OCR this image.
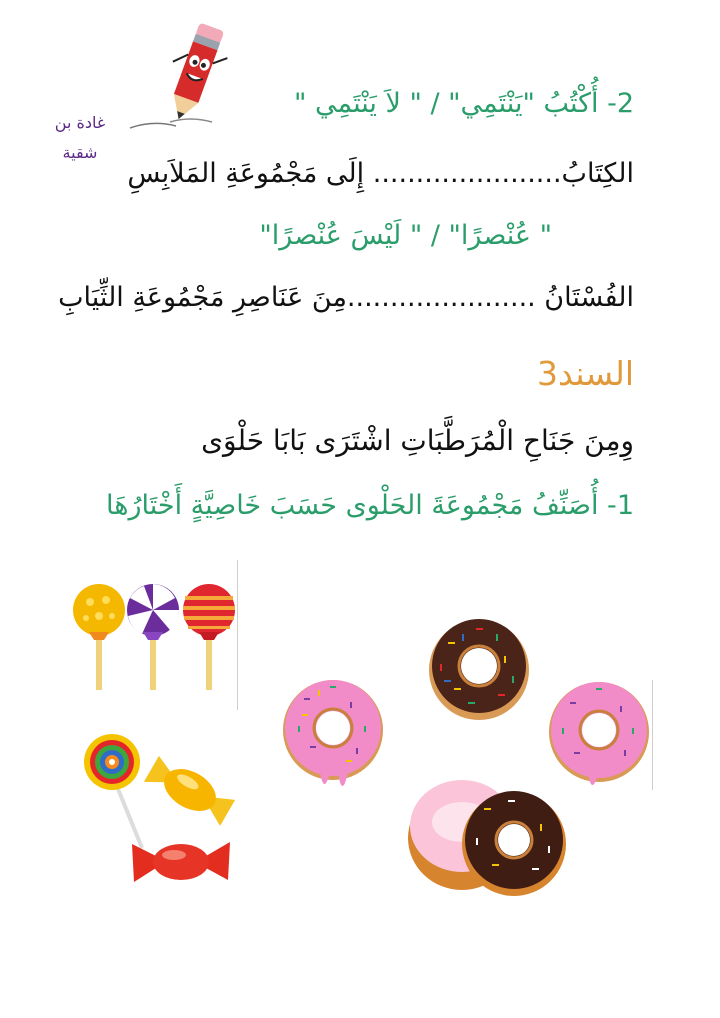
غادة بن
شقية
2- أُكْتُبُ "يَنْتَمِي" / " لاَ يَنْتَمِي "
الكِتَابُ...................... إِلَى مَجْمُوعَةِ المَلاَبِسِ
" عُنْصرًا" / " لَيْسَ عُنْصرًا"
الفُسْتَانُ ......................مِنَ عَنَاصِرِ مَجْمُوعَةِ الثِّيَابِ
السند3
وِمِنَ جَنَاحِ الْمُرَطَّبَاتِ اشْتَرَى بَابَا حَلْوَى
1- أُصَنِّفُ مَجْمُوعَةَ الحَلْوى حَسَبَ خَاصِيَّةٍ أَخْتَارُهَا
